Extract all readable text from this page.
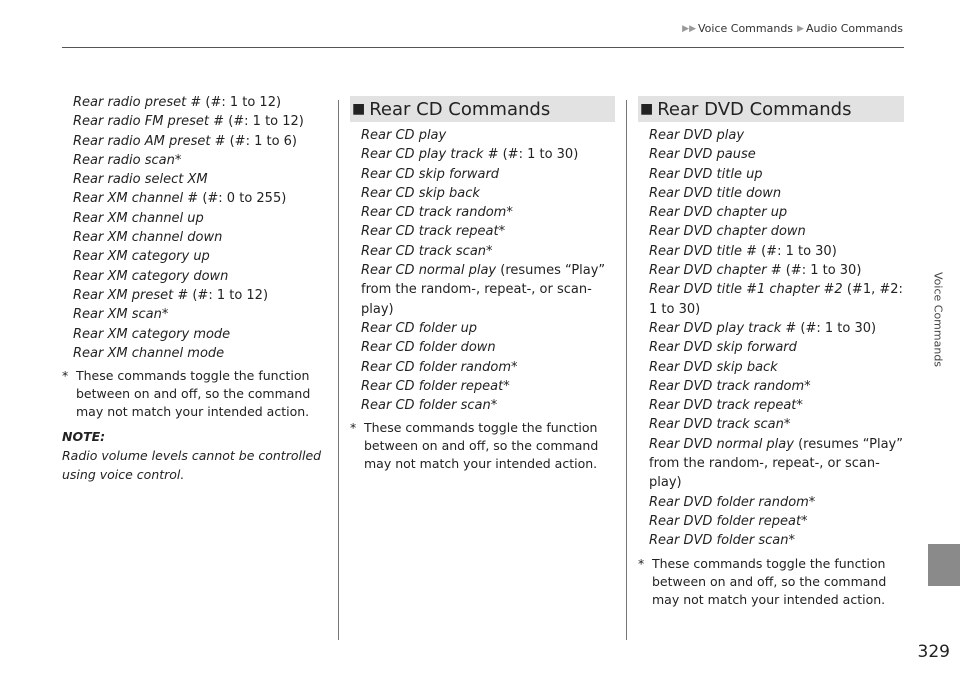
▶▶ Voice Commands ▶ Audio Commands
Rear radio preset # (#: 1 to 12)
Rear radio FM preset # (#: 1 to 12)
Rear radio AM preset # (#: 1 to 6)
Rear radio scan*
Rear radio select XM
Rear XM channel # (#: 0 to 255)
Rear XM channel up
Rear XM channel down
Rear XM category up
Rear XM category down
Rear XM preset # (#: 1 to 12)
Rear XM scan*
Rear XM category mode
Rear XM channel mode
* These commands toggle the function between on and off, so the command may not match your intended action.
NOTE:
Radio volume levels cannot be controlled using voice control.
■ Rear CD Commands
Rear CD play
Rear CD play track # (#: 1 to 30)
Rear CD skip forward
Rear CD skip back
Rear CD track random*
Rear CD track repeat*
Rear CD track scan*
Rear CD normal play (resumes “Play” from the random-, repeat-, or scan-play)
Rear CD folder up
Rear CD folder down
Rear CD folder random*
Rear CD folder repeat*
Rear CD folder scan*
* These commands toggle the function between on and off, so the command may not match your intended action.
■ Rear DVD Commands
Rear DVD play
Rear DVD pause
Rear DVD title up
Rear DVD title down
Rear DVD chapter up
Rear DVD chapter down
Rear DVD title # (#: 1 to 30)
Rear DVD chapter # (#: 1 to 30)
Rear DVD title #1 chapter #2 (#1, #2: 1 to 30)
Rear DVD play track # (#: 1 to 30)
Rear DVD skip forward
Rear DVD skip back
Rear DVD track random*
Rear DVD track repeat*
Rear DVD track scan*
Rear DVD normal play (resumes “Play” from the random-, repeat-, or scan-play)
Rear DVD folder random*
Rear DVD folder repeat*
Rear DVD folder scan*
* These commands toggle the function between on and off, so the command may not match your intended action.
Voice Commands
329
